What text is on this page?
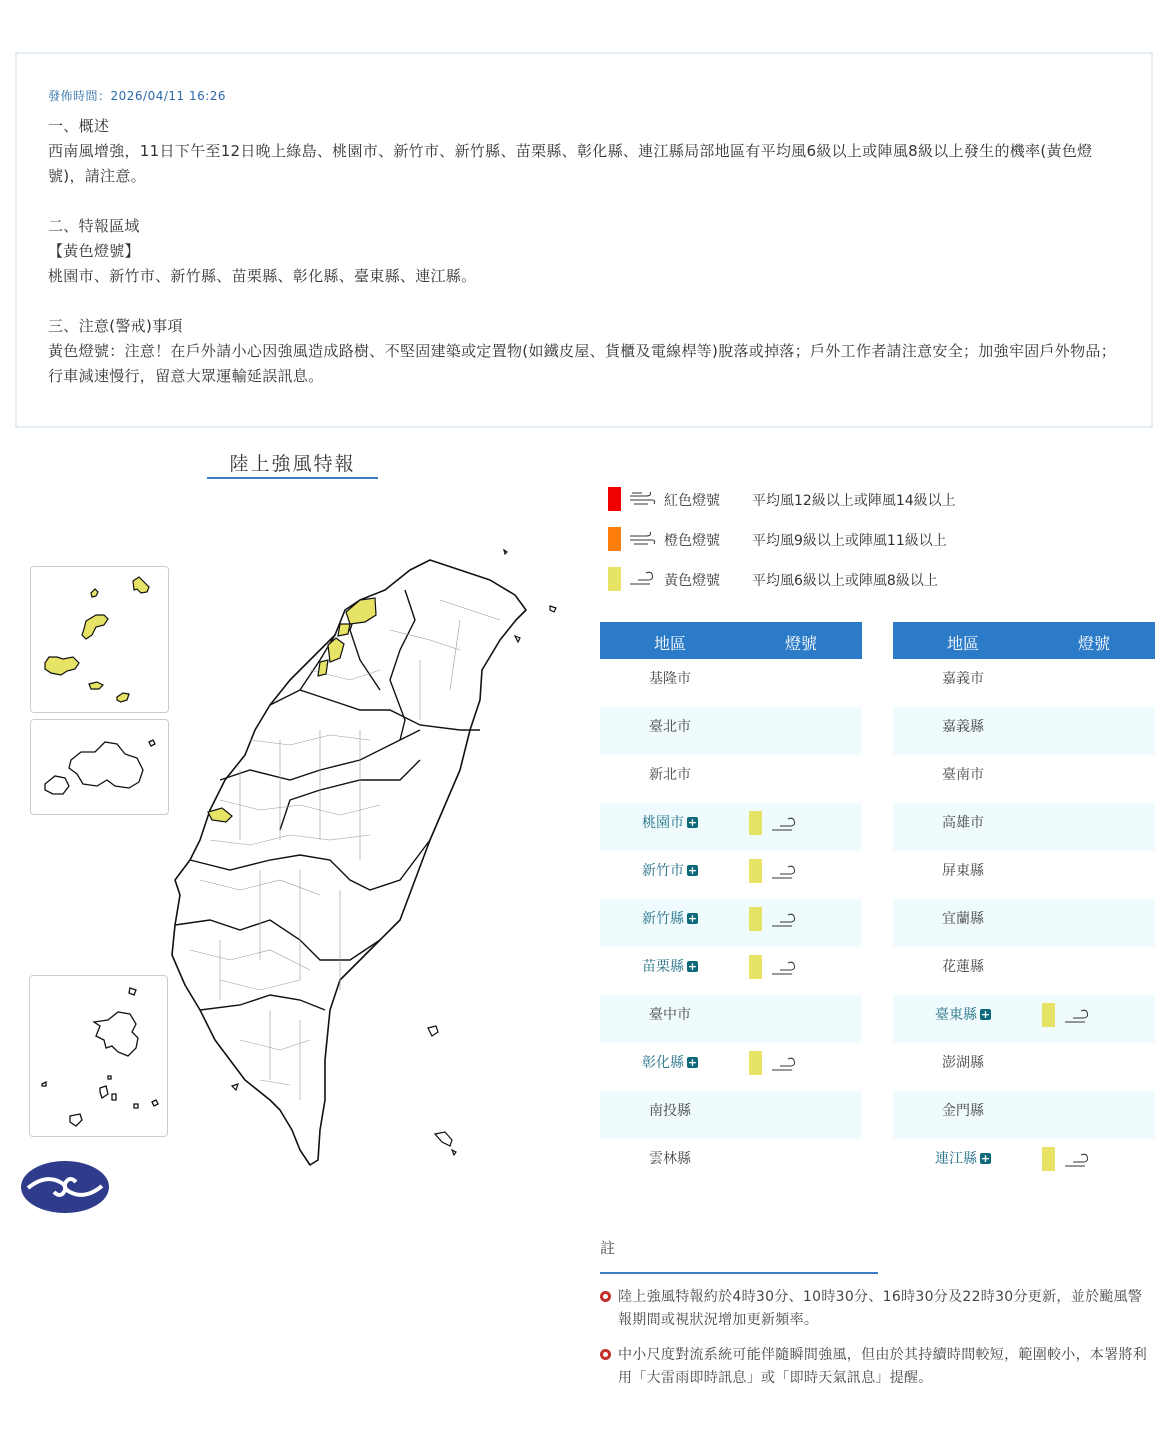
發佈時間：2026/04/11 16:26
一、概述
西南風增強，11日下午至12日晚上綠島、桃園市、新竹市、新竹縣、苗栗縣、彰化縣、連江縣局部地區有平均風6級以上或陣風8級以上發生的機率(黃色燈號)，請注意。

二、特報區域
【黃色燈號】
桃園市、新竹市、新竹縣、苗栗縣、彰化縣、臺東縣、連江縣。

三、注意(警戒)事項
黃色燈號：注意！在戶外請小心因強風造成路樹、不堅固建築或定置物(如鐵皮屋、貨櫃及電線桿等)脫落或掉落；戶外工作者請注意安全；加強牢固戶外物品；行車減速慢行，留意大眾運輸延誤訊息。
陸上強風特報
紅色燈號 平均風12級以上或陣風14級以上
橙色燈號 平均風9級以上或陣風11級以上
黃色燈號 平均風6級以上或陣風8級以上
地區	燈號
基隆市
臺北市
新北市
桃園市 +
新竹市 +
新竹縣 +
苗栗縣 +
臺中市
彰化縣 +
南投縣
雲林縣
地區	燈號
嘉義市
嘉義縣
臺南市
高雄市
屏東縣
宜蘭縣
花蓮縣
臺東縣 +
澎湖縣
金門縣
連江縣 +
註
陸上強風特報約於4時30分、10時30分、16時30分及22時30分更新，並於颱風警報期間或視狀況增加更新頻率。
中小尺度對流系統可能伴隨瞬間強風，但由於其持續時間較短，範圍較小，本署將利用「大雷雨即時訊息」或「即時天氣訊息」提醒。
